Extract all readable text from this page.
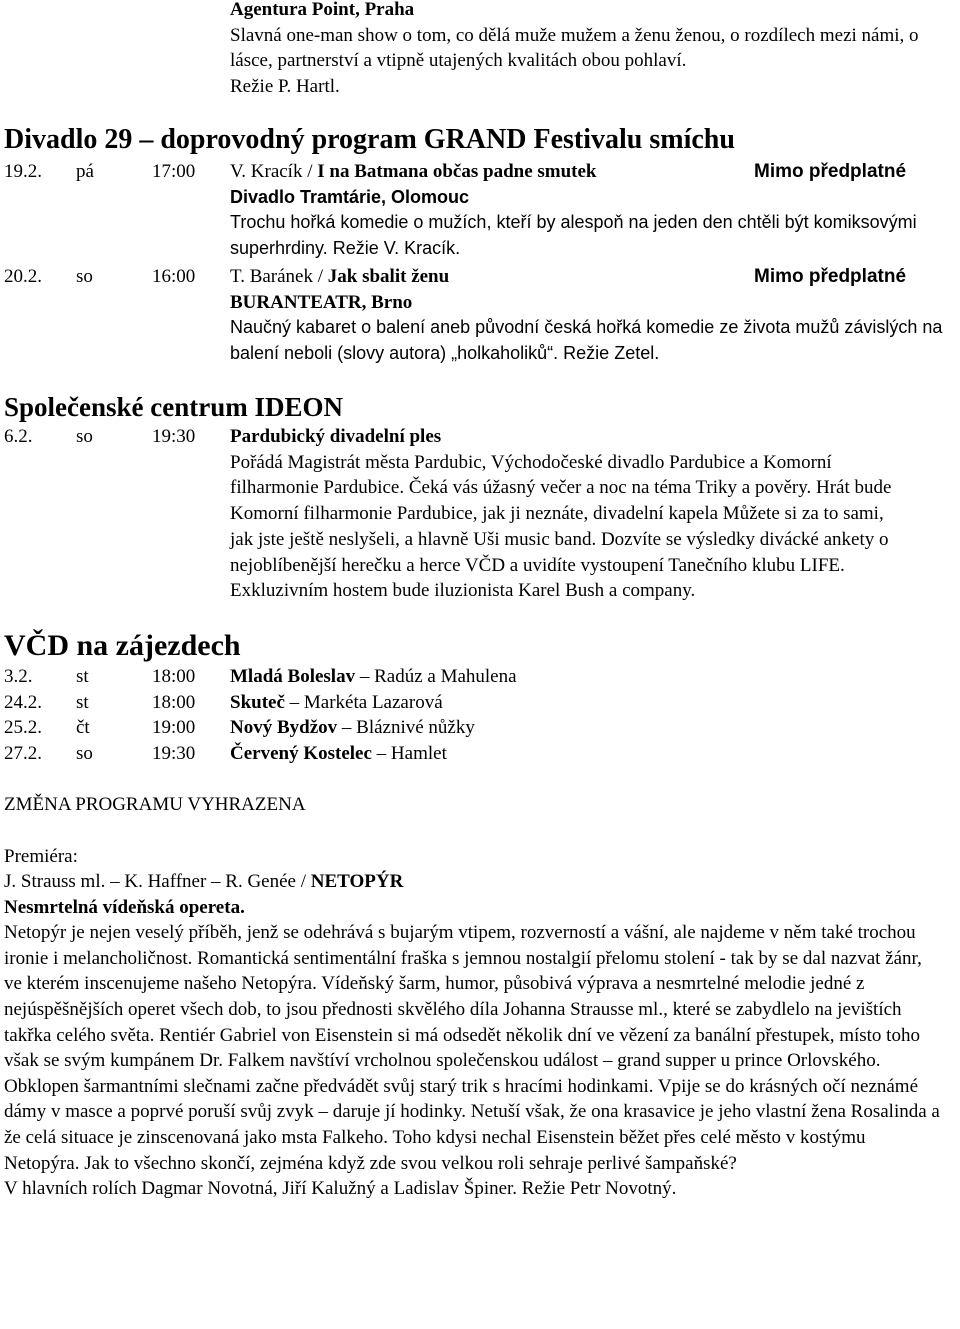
Agentura Point, Praha

Slavná one-man show o tom, co dělá muže mužem a ženu ženou, o rozdílech mezi námi, o lásce, partnerství a vtipně utajených kvalitách obou pohlaví.

Režie P. Hartl.

Divadlo 29 – doprovodný program GRAND Festivalu smíchu
19.2.	pá	17:00	V. Kracík / I na Batmana občas padne smutek	Mimo předplatné

Divadlo Tramtárie, Olomouc

Trochu hořká komedie o mužích, kteří by alespoň na jeden den chtěli být komiksovými superhrdiny. Režie V. Kracík.

20.2.	so	16:00	T. Baránek / Jak sbalit ženu	Mimo předplatné

BURANTEATR, Brno

Naučný kabaret o balení aneb původní česká hořká komedie ze života mužů závislých na balení neboli (slovy autora) „holkaholiků“. Režie Zetel.

Společenské centrum IDEON
6.2.	so	19:30	Pardubický divadelní ples

Pořádá Magistrát města Pardubic, Východočeské divadlo Pardubice a Komorní filharmonie Pardubice. Čeká vás úžasný večer a noc na téma Triky a pověry. Hrát bude Komorní filharmonie Pardubice, jak ji neznáte, divadelní kapela Můžete si za to sami, jak jste ještě neslyšeli, a hlavně Uši music band. Dozvíte se výsledky divácké ankety o nejoblíbenější herečku a herce VČD a uvidíte vystoupení Tanečního klubu LIFE. Exkluzivním hostem bude iluzionista Karel Bush a company.

VČD na zájezdech
3.2.	st	18:00	Mladá Boleslav – Radúz a Mahulena
24.2.	st	18:00	Skuteč – Markéta Lazarová
25.2.	čt	19:00	Nový Bydžov – Bláznivé nůžky
27.2.	so	19:30	Červený Kostelec – Hamlet

ZMĚNA PROGRAMU VYHRAZENA

Premiéra:

J. Strauss ml. – K. Haffner – R. Genée / NETOPÝR

Nesmrtelná vídeňská opereta.

Netopýr je nejen veselý příběh, jenž se odehrává s bujarým vtipem, rozverností a vášní, ale najdeme v něm také trochou ironie i melancholičnost. Romantická sentimentální fraška s jemnou nostalgií přelomu stolení - tak by se dal nazvat žánr, ve kterém inscenujeme našeho Netopýra. Vídeňský šarm, humor, působivá výprava a nesmrtelné melodie jedné z nejúspěšnějších operet všech dob, to jsou přednosti skvělého díla Johanna Strausse ml., které se zabydlelo na jevištích takřka celého světa. Rentiér Gabriel von Eisenstein si má odsedět několik dní ve vězení za banální přestupek, místo toho však se svým kumpánem Dr. Falkem navštíví vrcholnou společenskou událost – grand supper u prince Orlovského. Obklopen šarmantními slečnami začne předvádět svůj starý trik s hracími hodinkami. Vpije se do krásných očí neznámé dámy v masce a poprvé poruší svůj zvyk – daruje jí hodinky. Netuší však, že ona krasavice je jeho vlastní žena Rosalinda a že celá situace je zinscenovaná jako msta Falkeho. Toho kdysi nechal Eisenstein běžet přes celé město v kostýmu Netopýra. Jak to všechno skončí, zejména když zde svou velkou roli sehraje perlivé šampaňské?

V hlavních rolích Dagmar Novotná, Jiří Kalužný a Ladislav Špiner. Režie Petr Novotný.
